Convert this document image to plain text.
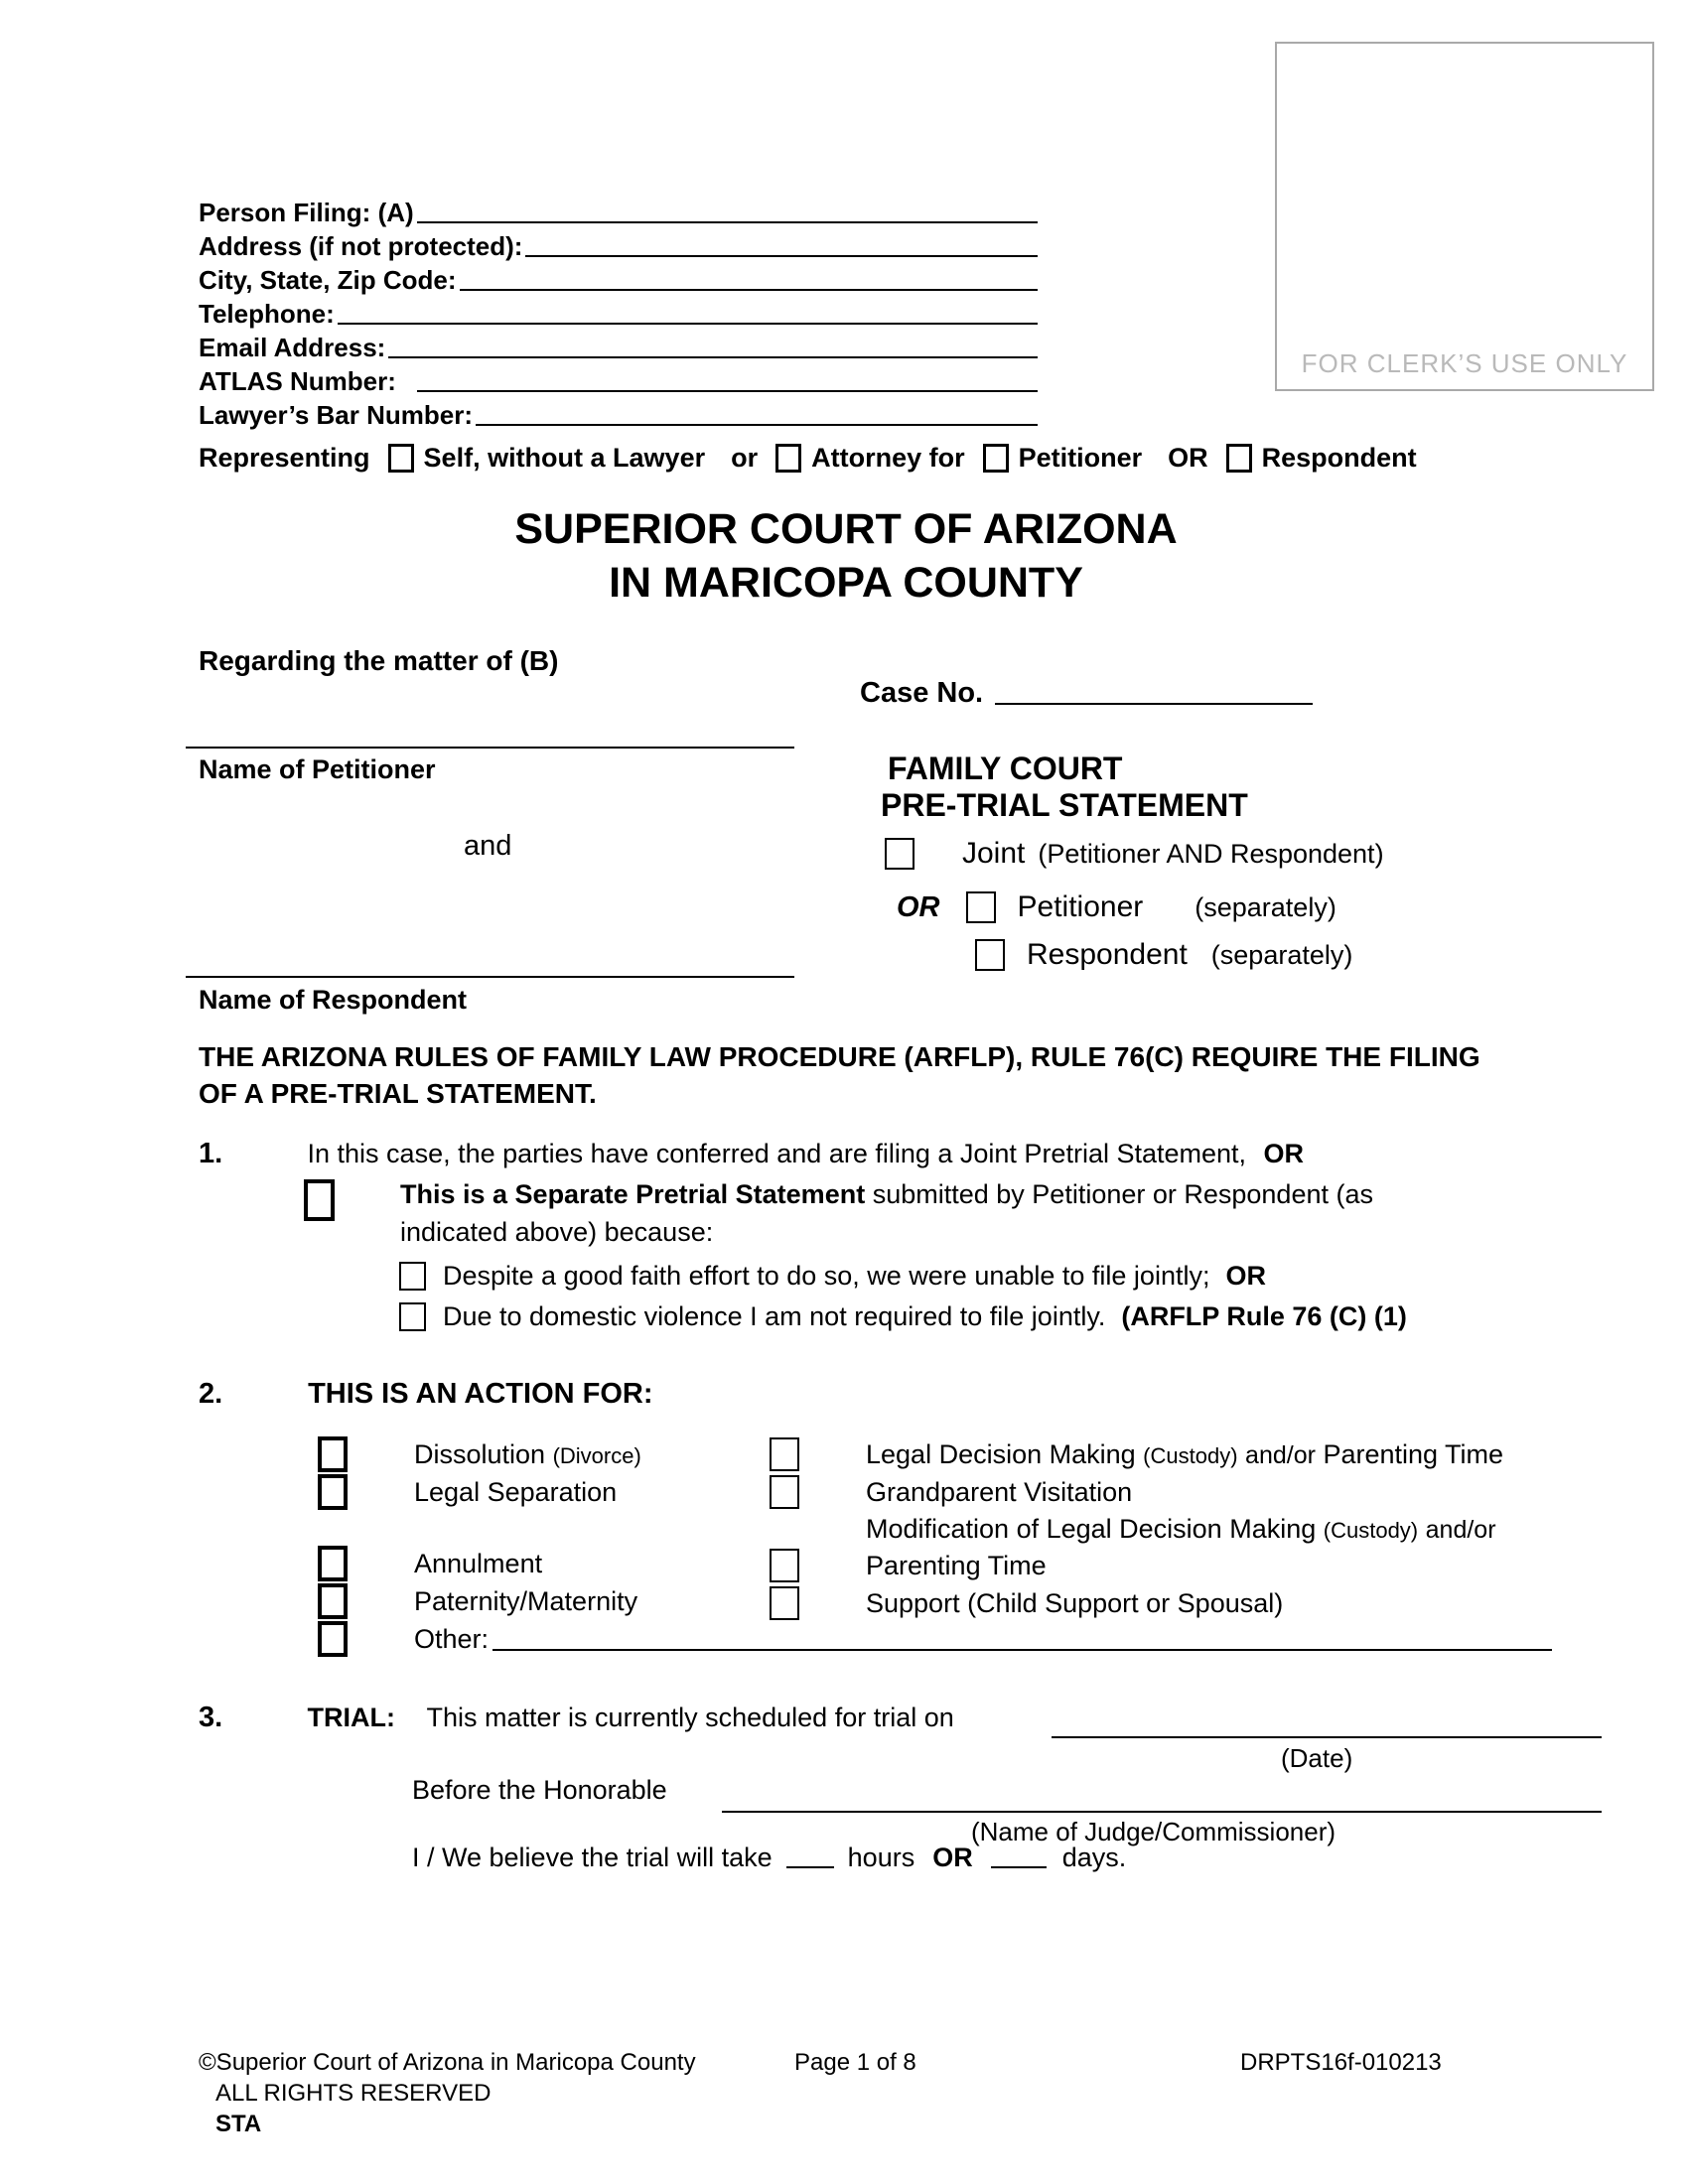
FOR CLERK’S USE ONLY
Person Filing: (A)
Address (if not protected):
City, State, Zip Code:
Telephone:
Email Address:
ATLAS Number:
Lawyer’s Bar Number:
Representing Self, without a Lawyer or Attorney for Petitioner OR Respondent
SUPERIOR COURT OF ARIZONA
IN MARICOPA COUNTY
Regarding the matter of (B)
Case No.
Name of Petitioner
and
Name of Respondent
FAMILY COURT
PRE-TRIAL STATEMENT
Joint (Petitioner AND Respondent)
OR	Petitioner (separately)
Respondent (separately)
THE ARIZONA RULES OF FAMILY LAW PROCEDURE (ARFLP), RULE 76(C) REQUIRE THE FILING
OF A PRE-TRIAL STATEMENT.
1.	In this case, the parties have conferred and are filing a Joint Pretrial Statement, OR
This is a Separate Pretrial Statement submitted by Petitioner or Respondent (as
indicated above) because:
Despite a good faith effort to do so, we were unable to file jointly; OR
Due to domestic violence I am not required to file jointly. (ARFLP Rule 76 (C) (1)
2.	THIS IS AN ACTION FOR:
Dissolution (Divorce)
Legal Separation
Annulment
Paternity/Maternity
Other:
Legal Decision Making (Custody) and/or Parenting Time
Grandparent Visitation
Modification of Legal Decision Making (Custody) and/or
Parenting Time
Support (Child Support or Spousal)
3.	TRIAL: This matter is currently scheduled for trial on
(Date)
Before the Honorable
(Name of Judge/Commissioner)
I / We believe the trial will take	hours OR	days.
©Superior Court of Arizona in Maricopa County	Page 1 of 8	DRPTS16f-010213
ALL RIGHTS RESERVED
STA
